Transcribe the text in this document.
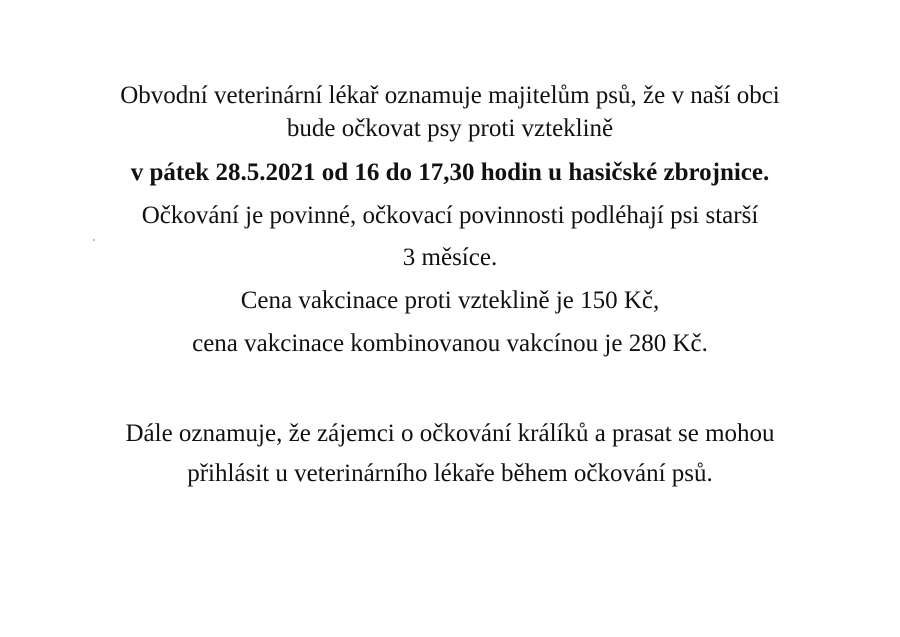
Obvodní veterinární lékař oznamuje majitelům psů, že v naší obci
bude očkovat psy proti vzteklině
v pátek 28.5.2021 od 16 do 17,30 hodin u hasičské zbrojnice.
Očkování je povinné, očkovací povinnosti podléhají psi starší
3 měsíce.
Cena vakcinace proti vzteklině je 150 Kč,
cena vakcinace kombinovanou vakcínou je 280 Kč.
Dále oznamuje, že zájemci o očkování králíků a prasat se mohou
přihlásit u veterinárního lékaře během očkování psů.
